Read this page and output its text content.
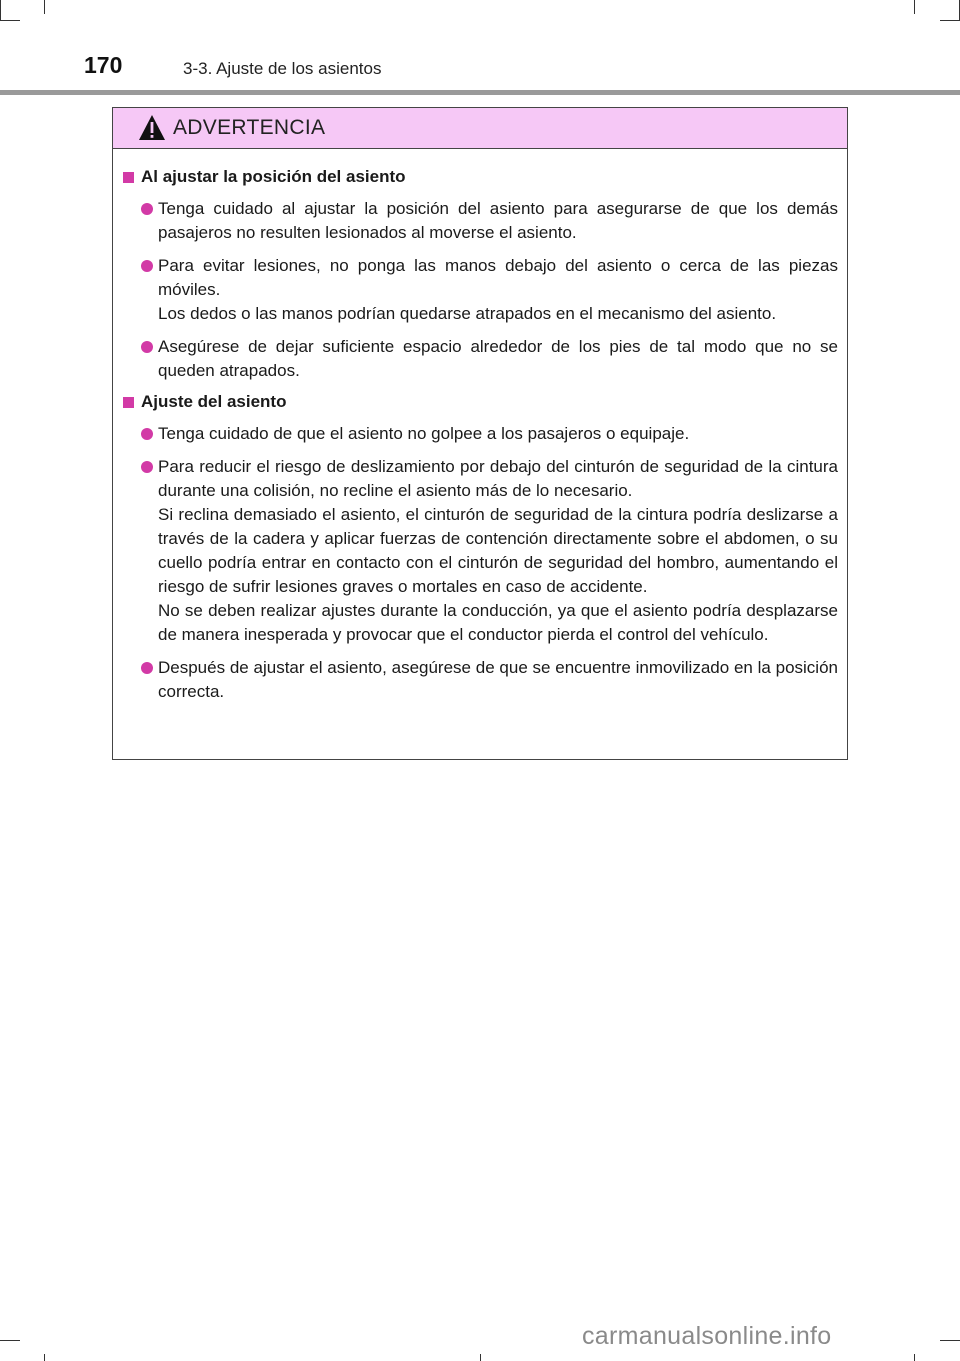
170	3-3. Ajuste de los asientos
ADVERTENCIA
Al ajustar la posición del asiento
Tenga cuidado al ajustar la posición del asiento para asegurarse de que los demás pasajeros no resulten lesionados al moverse el asiento.
Para evitar lesiones, no ponga las manos debajo del asiento o cerca de las piezas móviles.
Los dedos o las manos podrían quedarse atrapados en el mecanismo del asiento.
Asegúrese de dejar suficiente espacio alrededor de los pies de tal modo que no se queden atrapados.
Ajuste del asiento
Tenga cuidado de que el asiento no golpee a los pasajeros o equipaje.
Para reducir el riesgo de deslizamiento por debajo del cinturón de seguridad de la cintura durante una colisión, no recline el asiento más de lo necesario.
Si reclina demasiado el asiento, el cinturón de seguridad de la cintura podría deslizarse a través de la cadera y aplicar fuerzas de contención directamente sobre el abdomen, o su cuello podría entrar en contacto con el cinturón de seguridad del hombro, aumentando el riesgo de sufrir lesiones graves o mortales en caso de accidente.
No se deben realizar ajustes durante la conducción, ya que el asiento podría desplazarse de manera inesperada y provocar que el conductor pierda el control del vehículo.
Después de ajustar el asiento, asegúrese de que se encuentre inmovilizado en la posición correcta.
carmanualsonline.info
